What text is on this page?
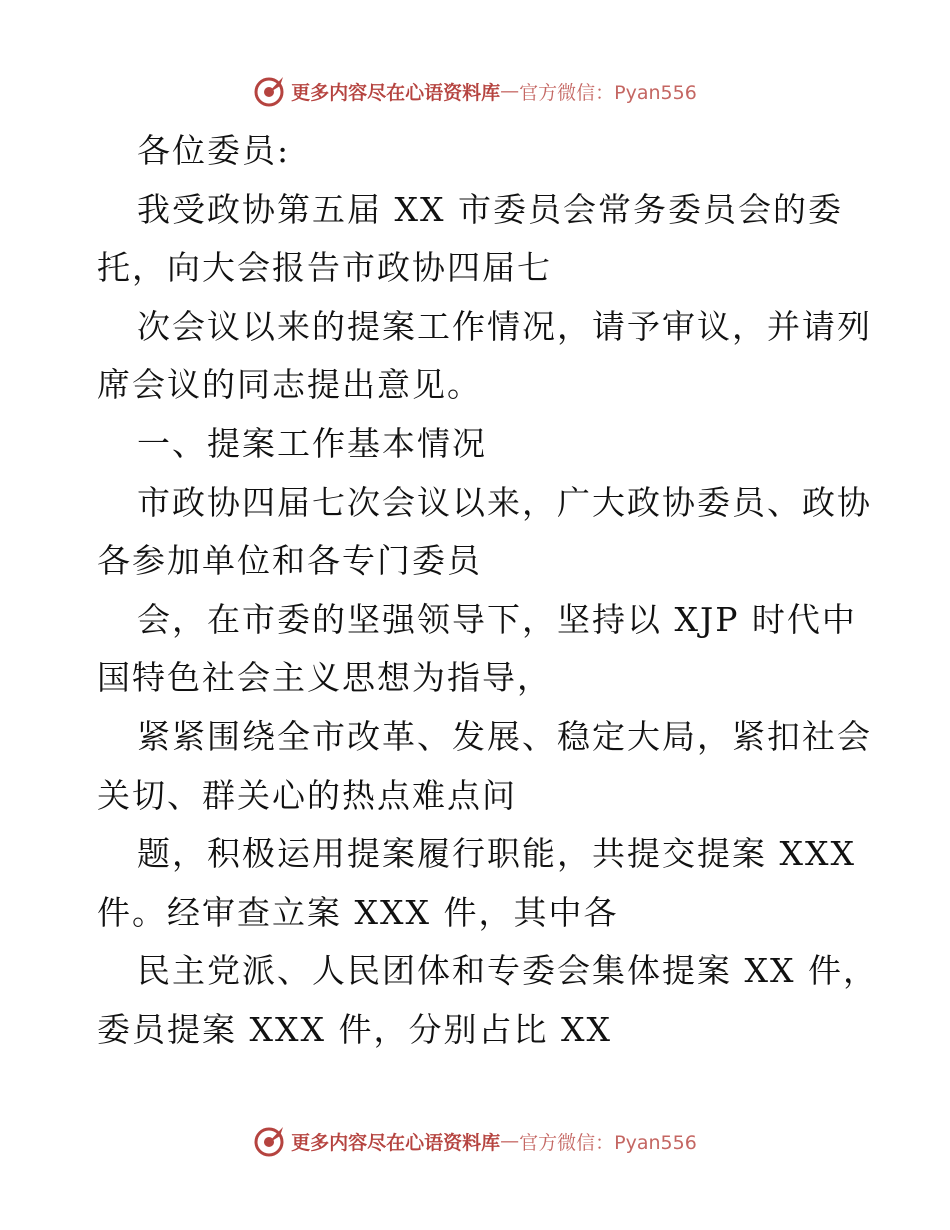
更多内容尽在心语资料库 — 官方微信：Pyan556
各位委员:
我受政协第五届 XX 市委员会常务委员会的委
托，向大会报告市政协四届七
次会议以来的提案工作情况，请予审议，并请列
席会议的同志提出意见。
一、提案工作基本情况
市政协四届七次会议以来，广大政协委员、政协
各参加单位和各专门委员
会，在市委的坚强领导下，坚持以 XJP 时代中
国特色社会主义思想为指导，
紧紧围绕全市改革、发展、稳定大局，紧扣社会
关切、群关心的热点难点问
题，积极运用提案履行职能，共提交提案 XXX
件。经审查立案 XXX 件，其中各
民主党派、人民团体和专委会集体提案 XX 件，
委员提案 XXX 件，分别占比 XX
更多内容尽在心语资料库 — 官方微信：Pyan556
